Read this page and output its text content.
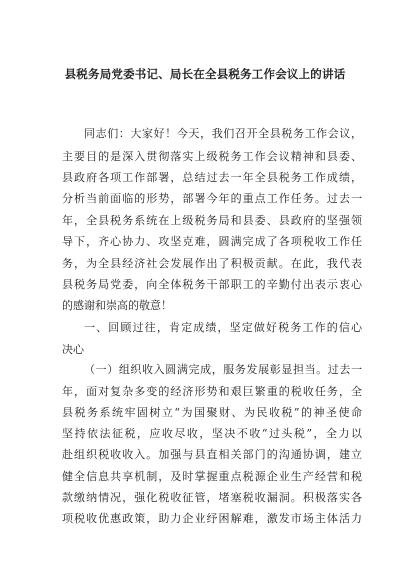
县税务局党委书记、局长在全县税务工作会议上的讲话
同志们：大家好！今天，我们召开全县税务工作会议，
主要目的是深入贯彻落实上级税务工作会议精神和县委、
县政府各项工作部署，总结过去一年全县税务工作成绩，
分析当前面临的形势，部署今年的重点工作任务。过去一
年，全县税务系统在上级税务局和县委、县政府的坚强领
导下，齐心协力、攻坚克难，圆满完成了各项税收工作任
务，为全县经济社会发展作出了积极贡献。在此，我代表
县税务局党委，向全体税务干部职工的辛勤付出表示衷心
的感谢和崇高的敬意！
一、回顾过往，肯定成绩，坚定做好税务工作的信心
决心
（一）组织收入圆满完成，服务发展彰显担当。过去一
年，面对复杂多变的经济形势和艰巨繁重的税收任务，全
县税务系统牢固树立“为国聚财、为民收税”的神圣使命
坚持依法征税，应收尽收，坚决不收“过头税”，全力以
赴组织税收收入。加强与县直相关部门的沟通协调，建立
健全信息共享机制，及时掌握重点税源企业生产经营和税
款缴纳情况，强化税收征管，堵塞税收漏洞。积极落实各
项税收优惠政策，助力企业纾困解难，激发市场主体活力
